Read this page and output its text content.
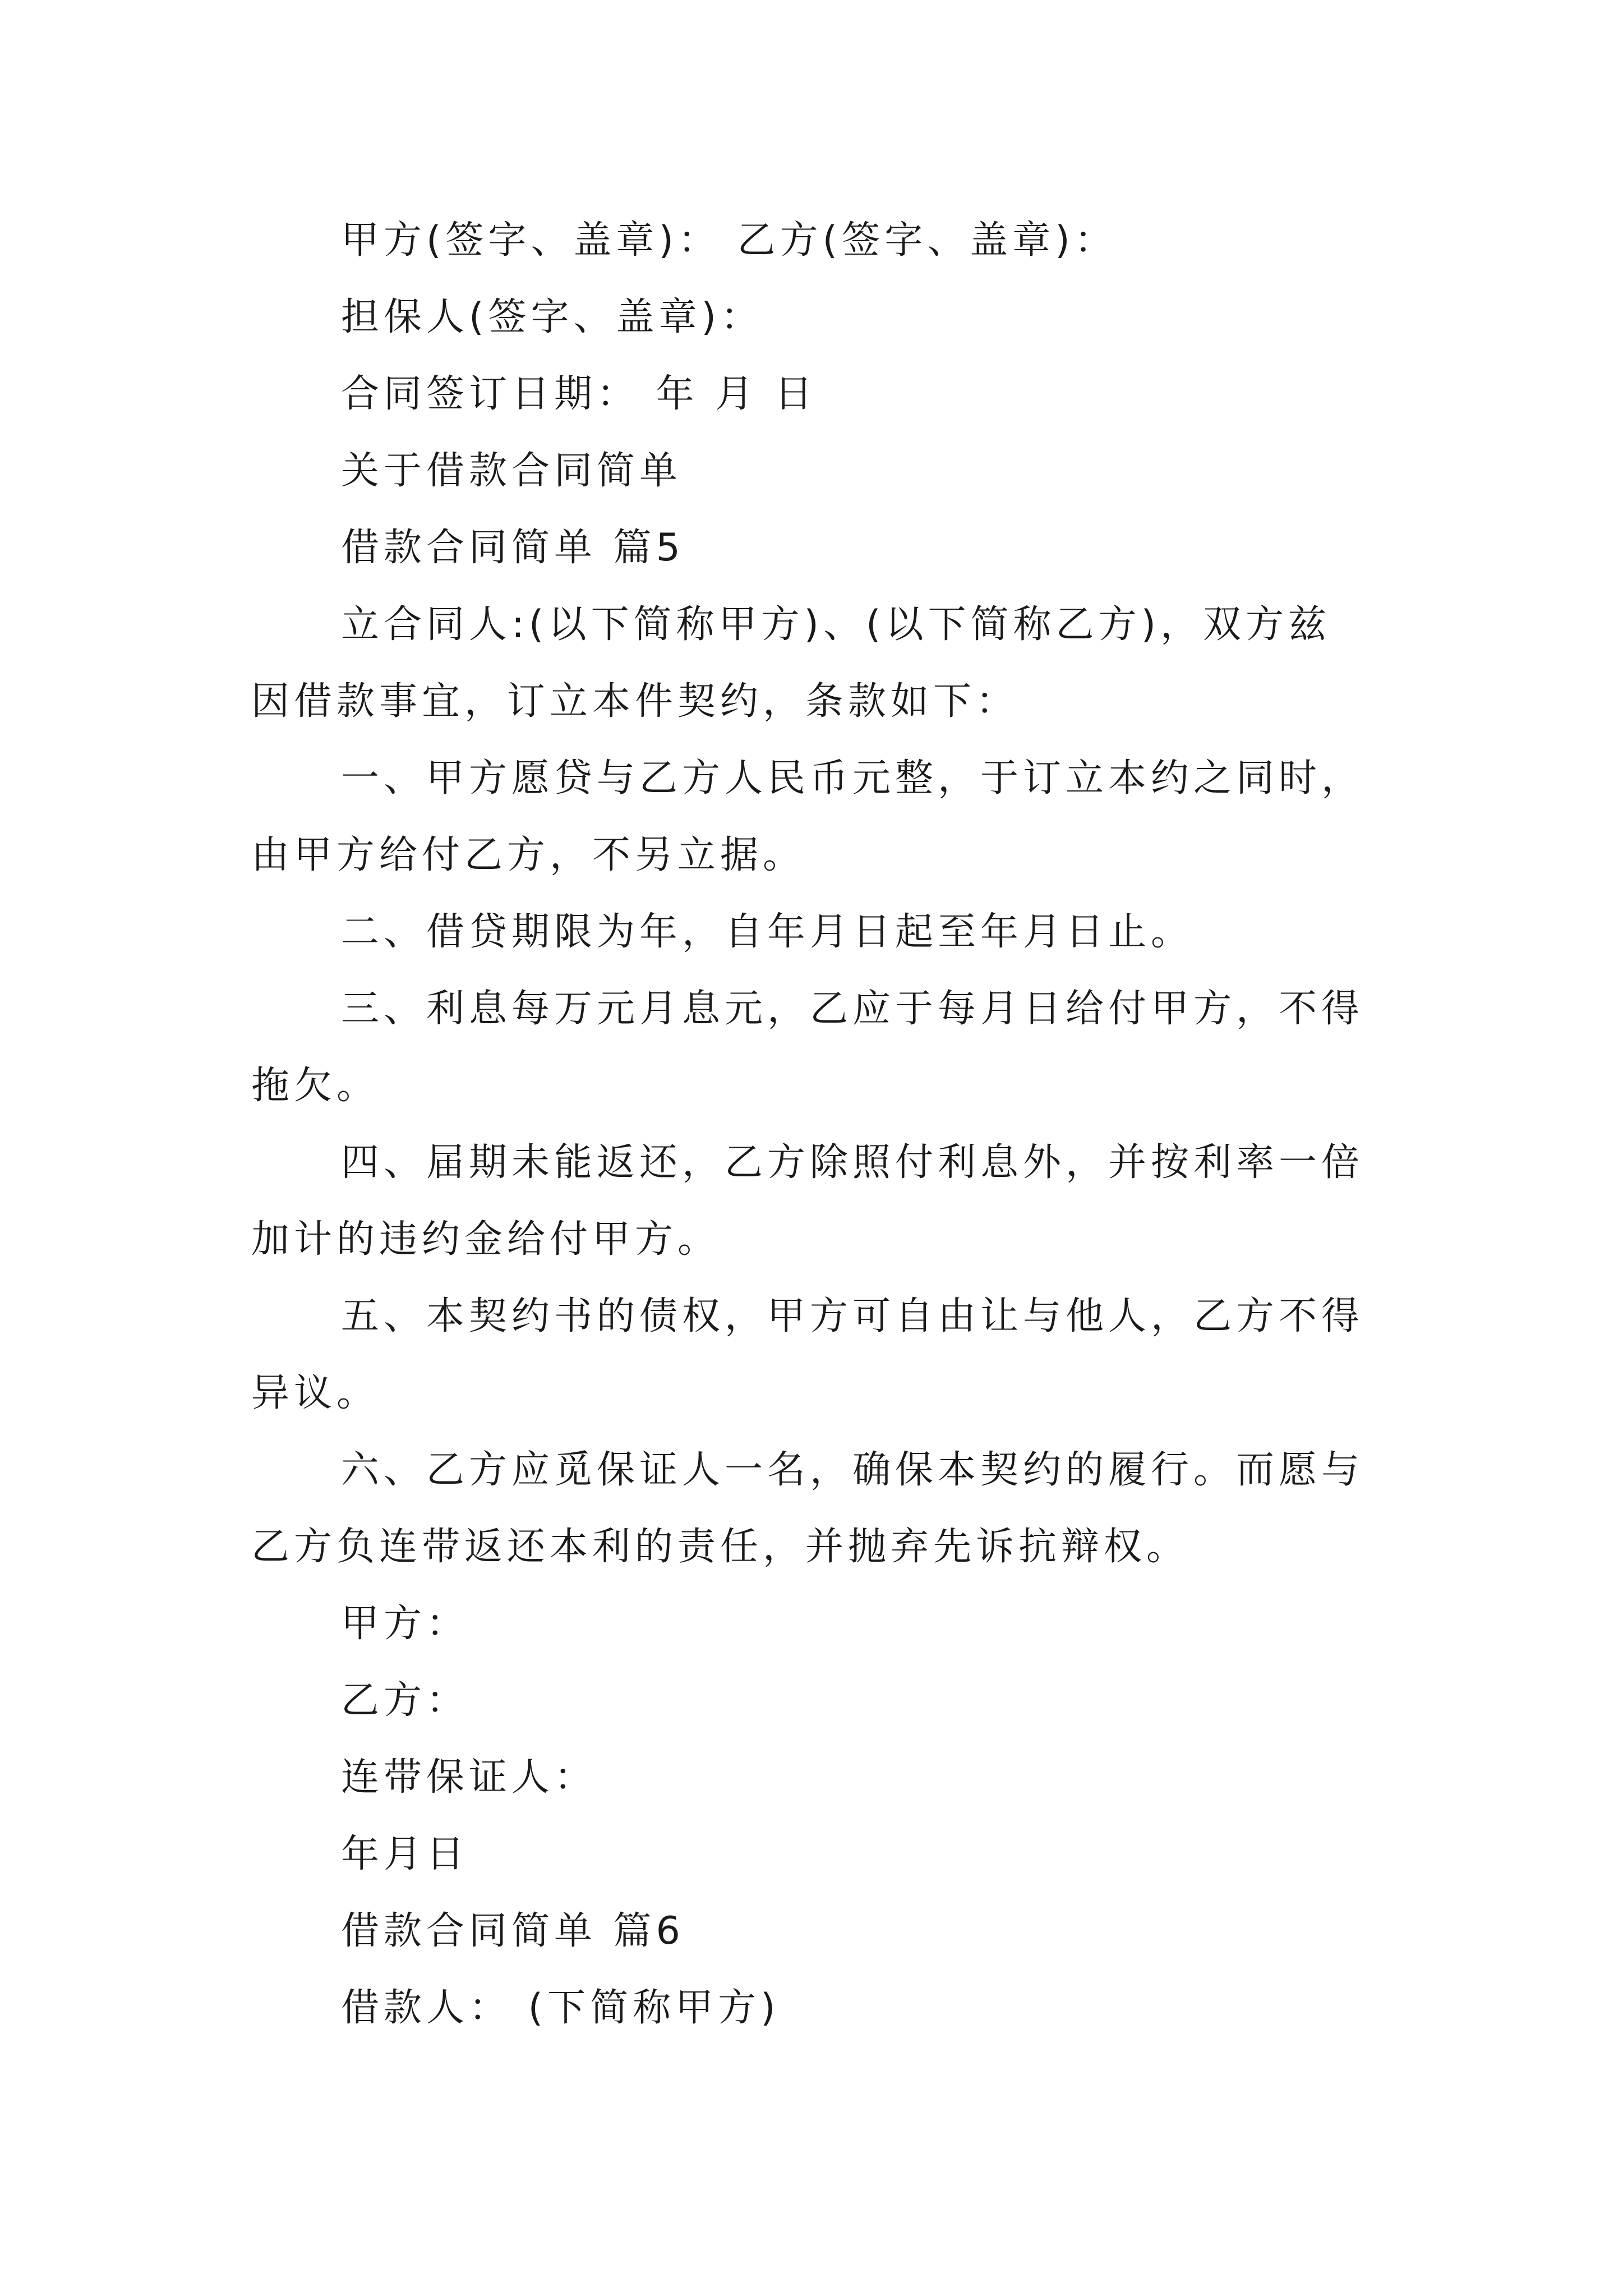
甲方(签字、盖章)： 乙方(签字、盖章)：
担保人(签字、盖章)：
合同签订日期： 年 月 日
关于借款合同简单
借款合同简单 篇5
立合同人:(以下简称甲方)、(以下简称乙方)，双方兹
因借款事宜，订立本件契约，条款如下：
一、甲方愿贷与乙方人民币元整，于订立本约之同时，
由甲方给付乙方，不另立据。
二、借贷期限为年，自年月日起至年月日止。
三、利息每万元月息元，乙应于每月日给付甲方，不得
拖欠。
四、届期未能返还，乙方除照付利息外，并按利率一倍
加计的违约金给付甲方。
五、本契约书的债权，甲方可自由让与他人，乙方不得
异议。
六、乙方应觅保证人一名，确保本契约的履行。而愿与
乙方负连带返还本利的责任，并抛弃先诉抗辩权。
甲方：
乙方：
连带保证人：
年月日
借款合同简单 篇6
借款人： (下简称甲方)
